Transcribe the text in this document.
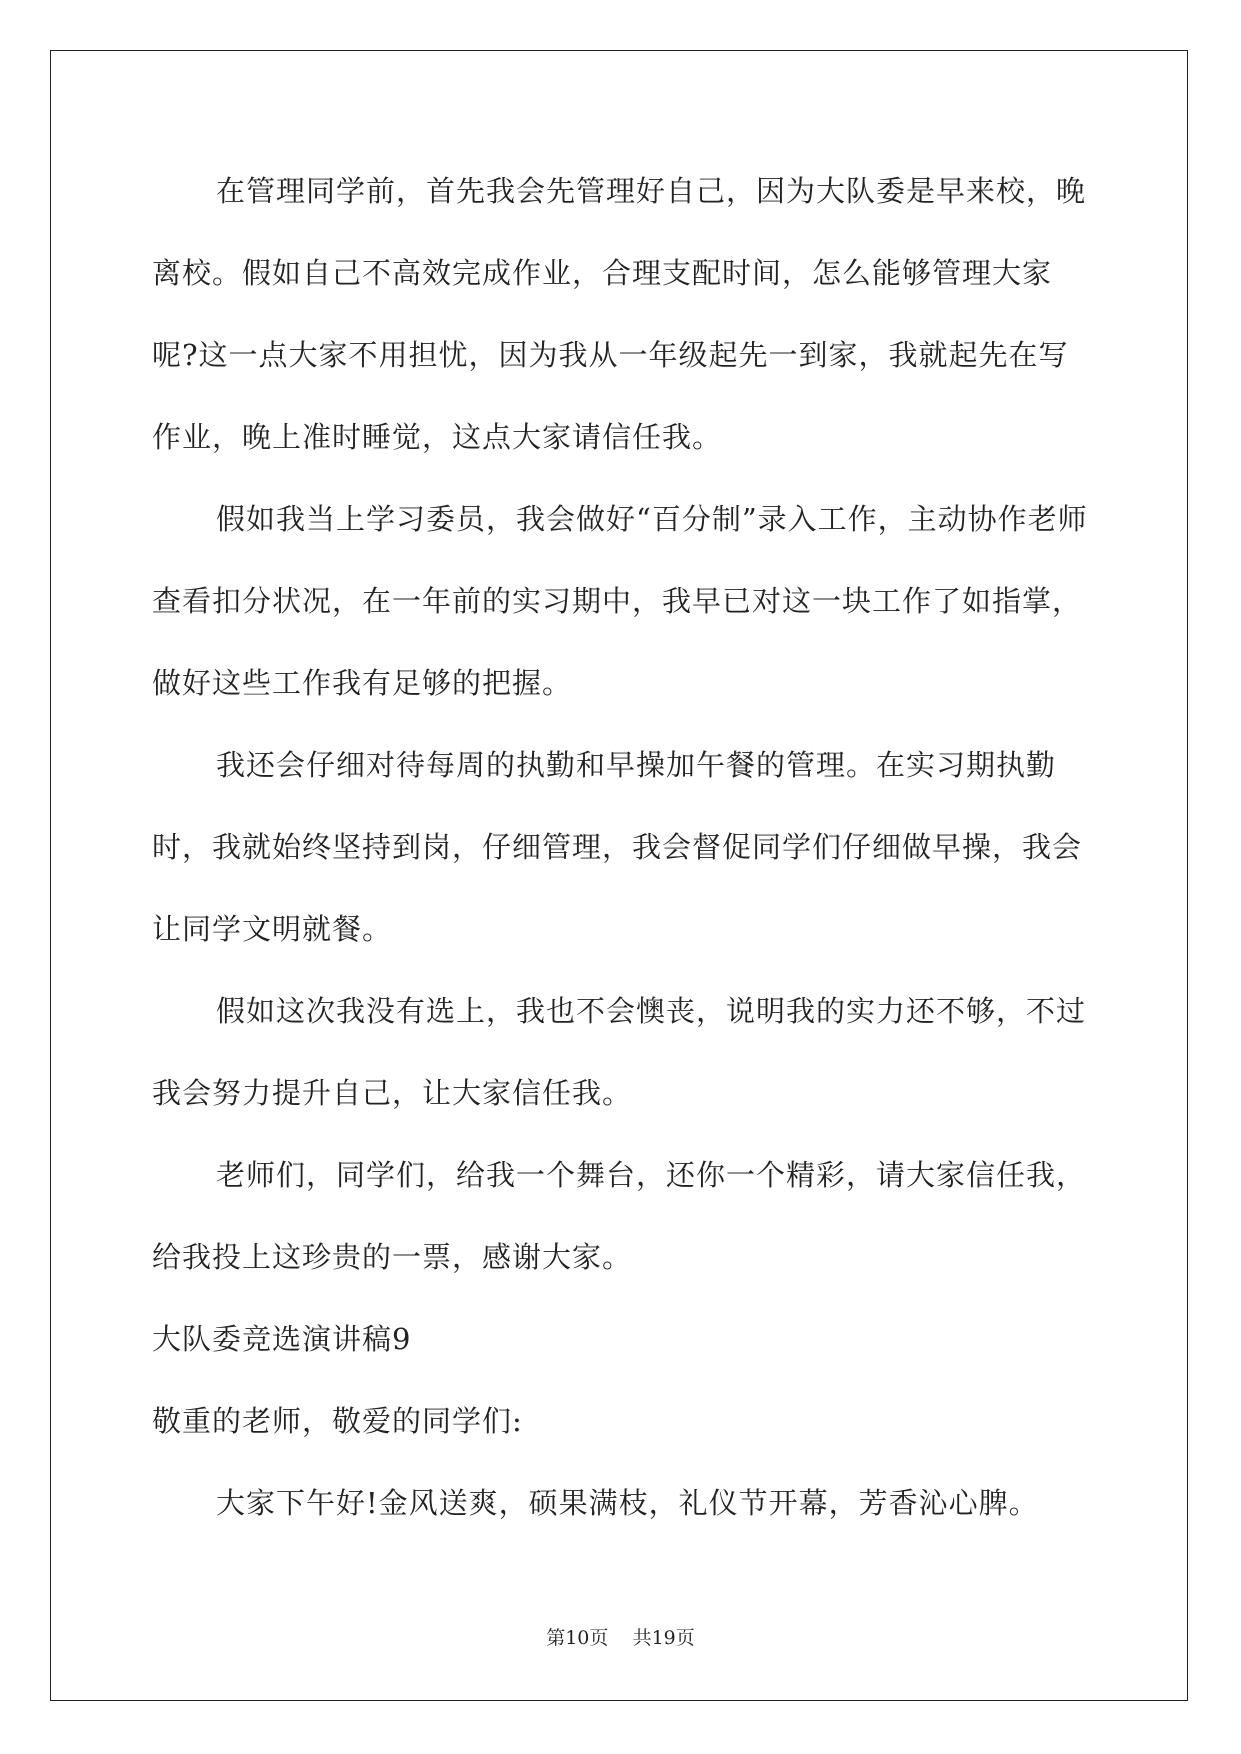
在管理同学前，首先我会先管理好自己，因为大队委是早来校，晚离校。假如自己不高效完成作业，合理支配时间，怎么能够管理大家呢?这一点大家不用担忧，因为我从一年级起先一到家，我就起先在写作业，晚上准时睡觉，这点大家请信任我。

假如我当上学习委员，我会做好“百分制”录入工作，主动协作老师查看扣分状况，在一年前的实习期中，我早已对这一块工作了如指掌，做好这些工作我有足够的把握。

我还会仔细对待每周的执勤和早操加午餐的管理。在实习期执勤时，我就始终坚持到岗，仔细管理，我会督促同学们仔细做早操，我会让同学文明就餐。

假如这次我没有选上，我也不会懊丧，说明我的实力还不够，不过我会努力提升自己，让大家信任我。

老师们，同学们，给我一个舞台，还你一个精彩，请大家信任我，给我投上这珍贵的一票，感谢大家。

大队委竞选演讲稿9

敬重的老师，敬爱的同学们:

大家下午好!金风送爽，硕果满枝，礼仪节开幕，芳香沁心脾。

第10页 共19页
